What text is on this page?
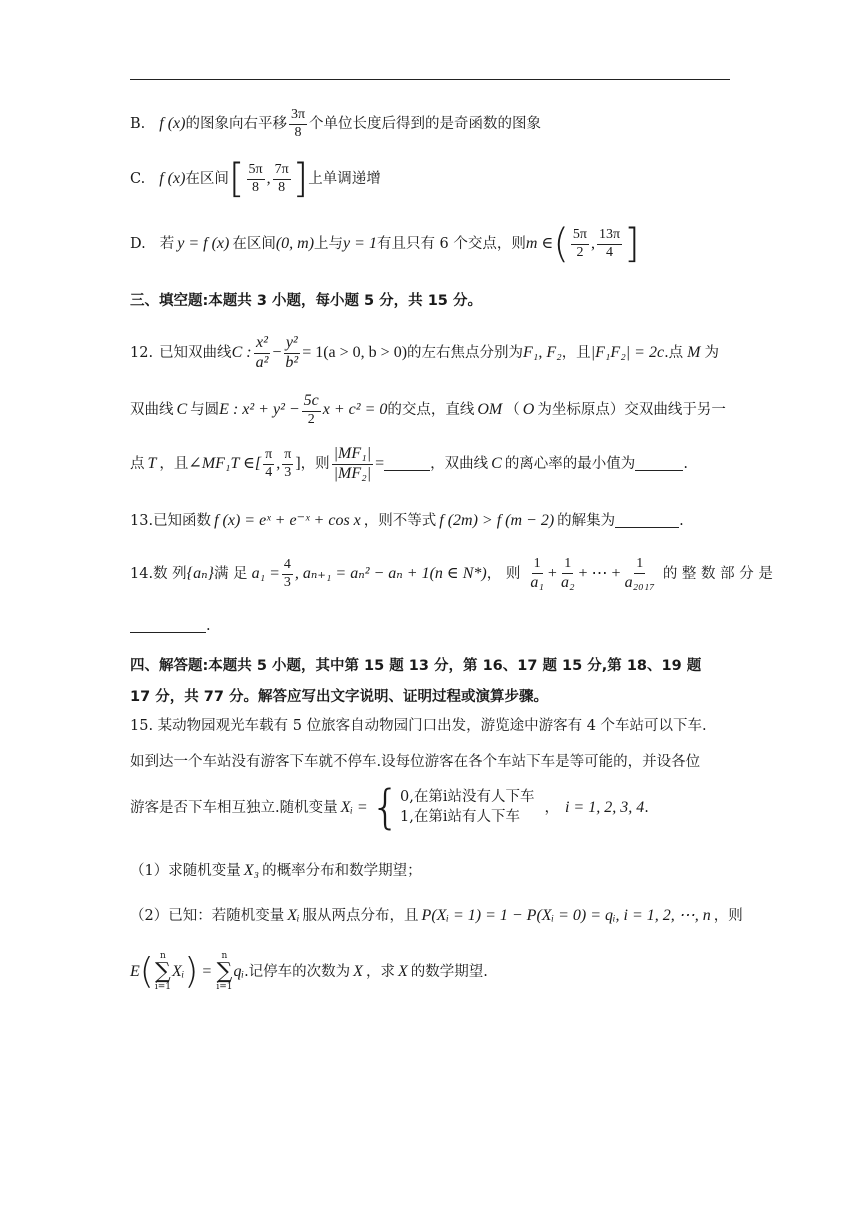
B. f (x) 的图象向右平移 $\frac{3\pi}{8}$ 个单位长度后得到的是奇函数的图象
C. f (x) 在区间 [ $\frac{5\pi}{8}$ , $\frac{7\pi}{8}$ ] 上单调递增
D. 若 y = f (x) 在区间 (0, m) 上与 y = 1 有且只有 6 个交点，则 m ∈ ( $\frac{5\pi}{2}$ , $\frac{13\pi}{4}$ ]
三、填空题:本题共 3 小题，每小题 5 分，共 15 分。
12. 已知双曲线 C : $\frac{\text{x²}}{\text{a²}} - \frac{\text{y²}}{\text{b²}} = 1(a > 0$, b > 0) 的左右焦点分别为 F₁, F₂ ，且 |F₁F₂| = 2c .点 M 为
双曲线 C 与圆 E : $x^2 + y^2 - \frac{5c}{2}$ x + c² = 0 的交点，直线 OM （ O 为坐标原点）交双曲线于另一
点 T ，且 ∠MF₁T ∈[ $\frac{\pi}{4}$ , $\frac{\pi}{3}$ ] ，则 $\frac{\text{|MF₁|}}{\text{|MF₂|}}$ =	，双曲线 C 的离心率的最小值为	.
13. 已知函数 f (x) = eˣ + e⁻ˣ + cos x ，则不等式 f (2m) > f (m − 2) 的解集为	.
14. 数 列 {aₙ} 满 足 $a_1 = \frac{4}{3}$ , aₙ₊₁ = aₙ² − aₙ + 1(n ∈ N*) ， 则 $\frac{1}{\text{a₁}} + \frac{1}{\text{a₂}}$ + ⋯ + $\frac{1}{\text{a₂₀₁₇}}$ 的 整 数 部 分 是
.
四、解答题:本题共 5 小题，其中第 15 题 13 分，第 16、17 题 15 分,第 18、19 题
17 分，共 77 分。解答应写出文字说明、证明过程或演算步骤。
15. 某动物园观光车载有 5 位旅客自动物园门口出发，游览途中游客有 4 个车站可以下车.
如到达一个车站没有游客下车就不停车.设每位游客在各个车站下车是等可能的，并设各位
游客是否下车相互独立.随机变量 Xᵢ = { 0,在第i站没有人下车
1,在第i站有人下车
， i = 1, 2, 3, 4 .
（1）求随机变量 X₃ 的概率分布和数学期望；
（2）已知：若随机变量 Xᵢ 服从两点分布，且 P(Xᵢ = 1) = 1 − P(Xᵢ = 0) = qᵢ, i = 1, 2, ⋯, n ，则
E ( n
∑
i=1
Xᵢ ) =
n
∑
i=1
qᵢ .记停车的次数为 X ，求 X 的数学期望.
